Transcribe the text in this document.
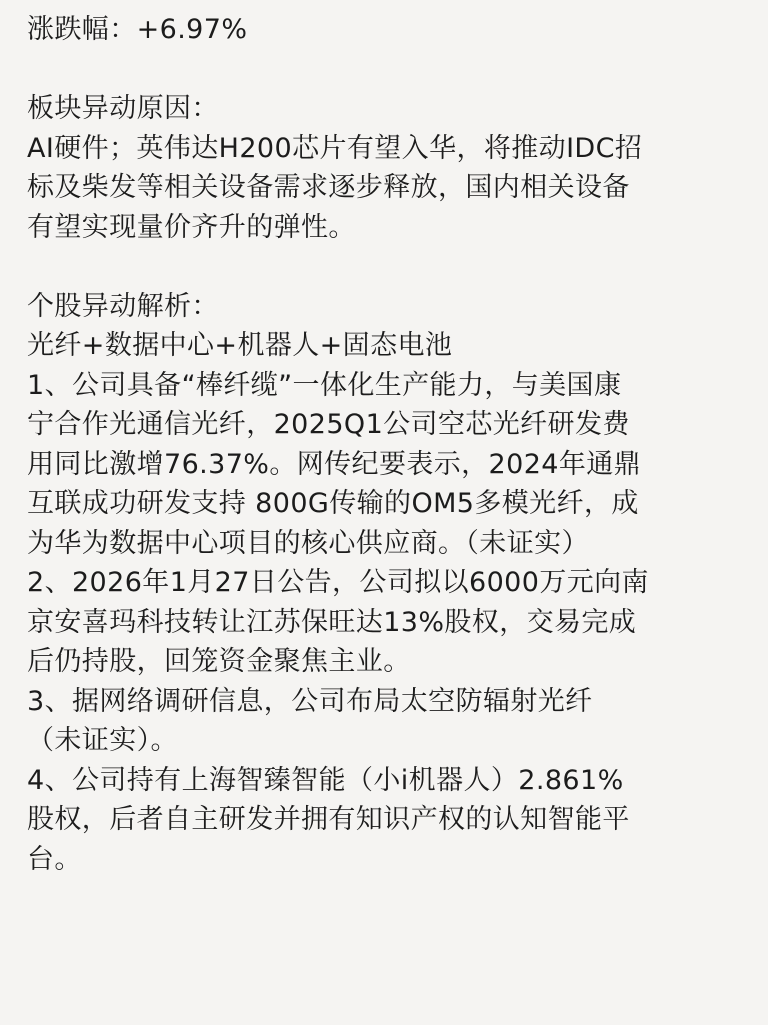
涨跌幅：+6.97%
板块异动原因：
AI硬件；英伟达H200芯片有望入华，将推动IDC招
标及柴发等相关设备需求逐步释放，国内相关设备
有望实现量价齐升的弹性。
个股异动解析：
光纤+数据中心+机器人+固态电池
1、公司具备“棒纤缆”一体化生产能力，与美国康
宁合作光通信光纤，2025Q1公司空芯光纤研发费
用同比激增76.37%。网传纪要表示，2024年通鼎
互联成功研发支持 800G传输的OM5多模光纤，成
为华为数据中心项目的核心供应商。（未证实）
2、2026年1月27日公告，公司拟以6000万元向南
京安喜玛科技转让江苏保旺达13%股权，交易完成
后仍持股，回笼资金聚焦主业。
3、据网络调研信息，公司布局太空防辐射光纤
（未证实）。
4、公司持有上海智臻智能（小i机器人）2.861%
股权，后者自主研发并拥有知识产权的认知智能平
台。
